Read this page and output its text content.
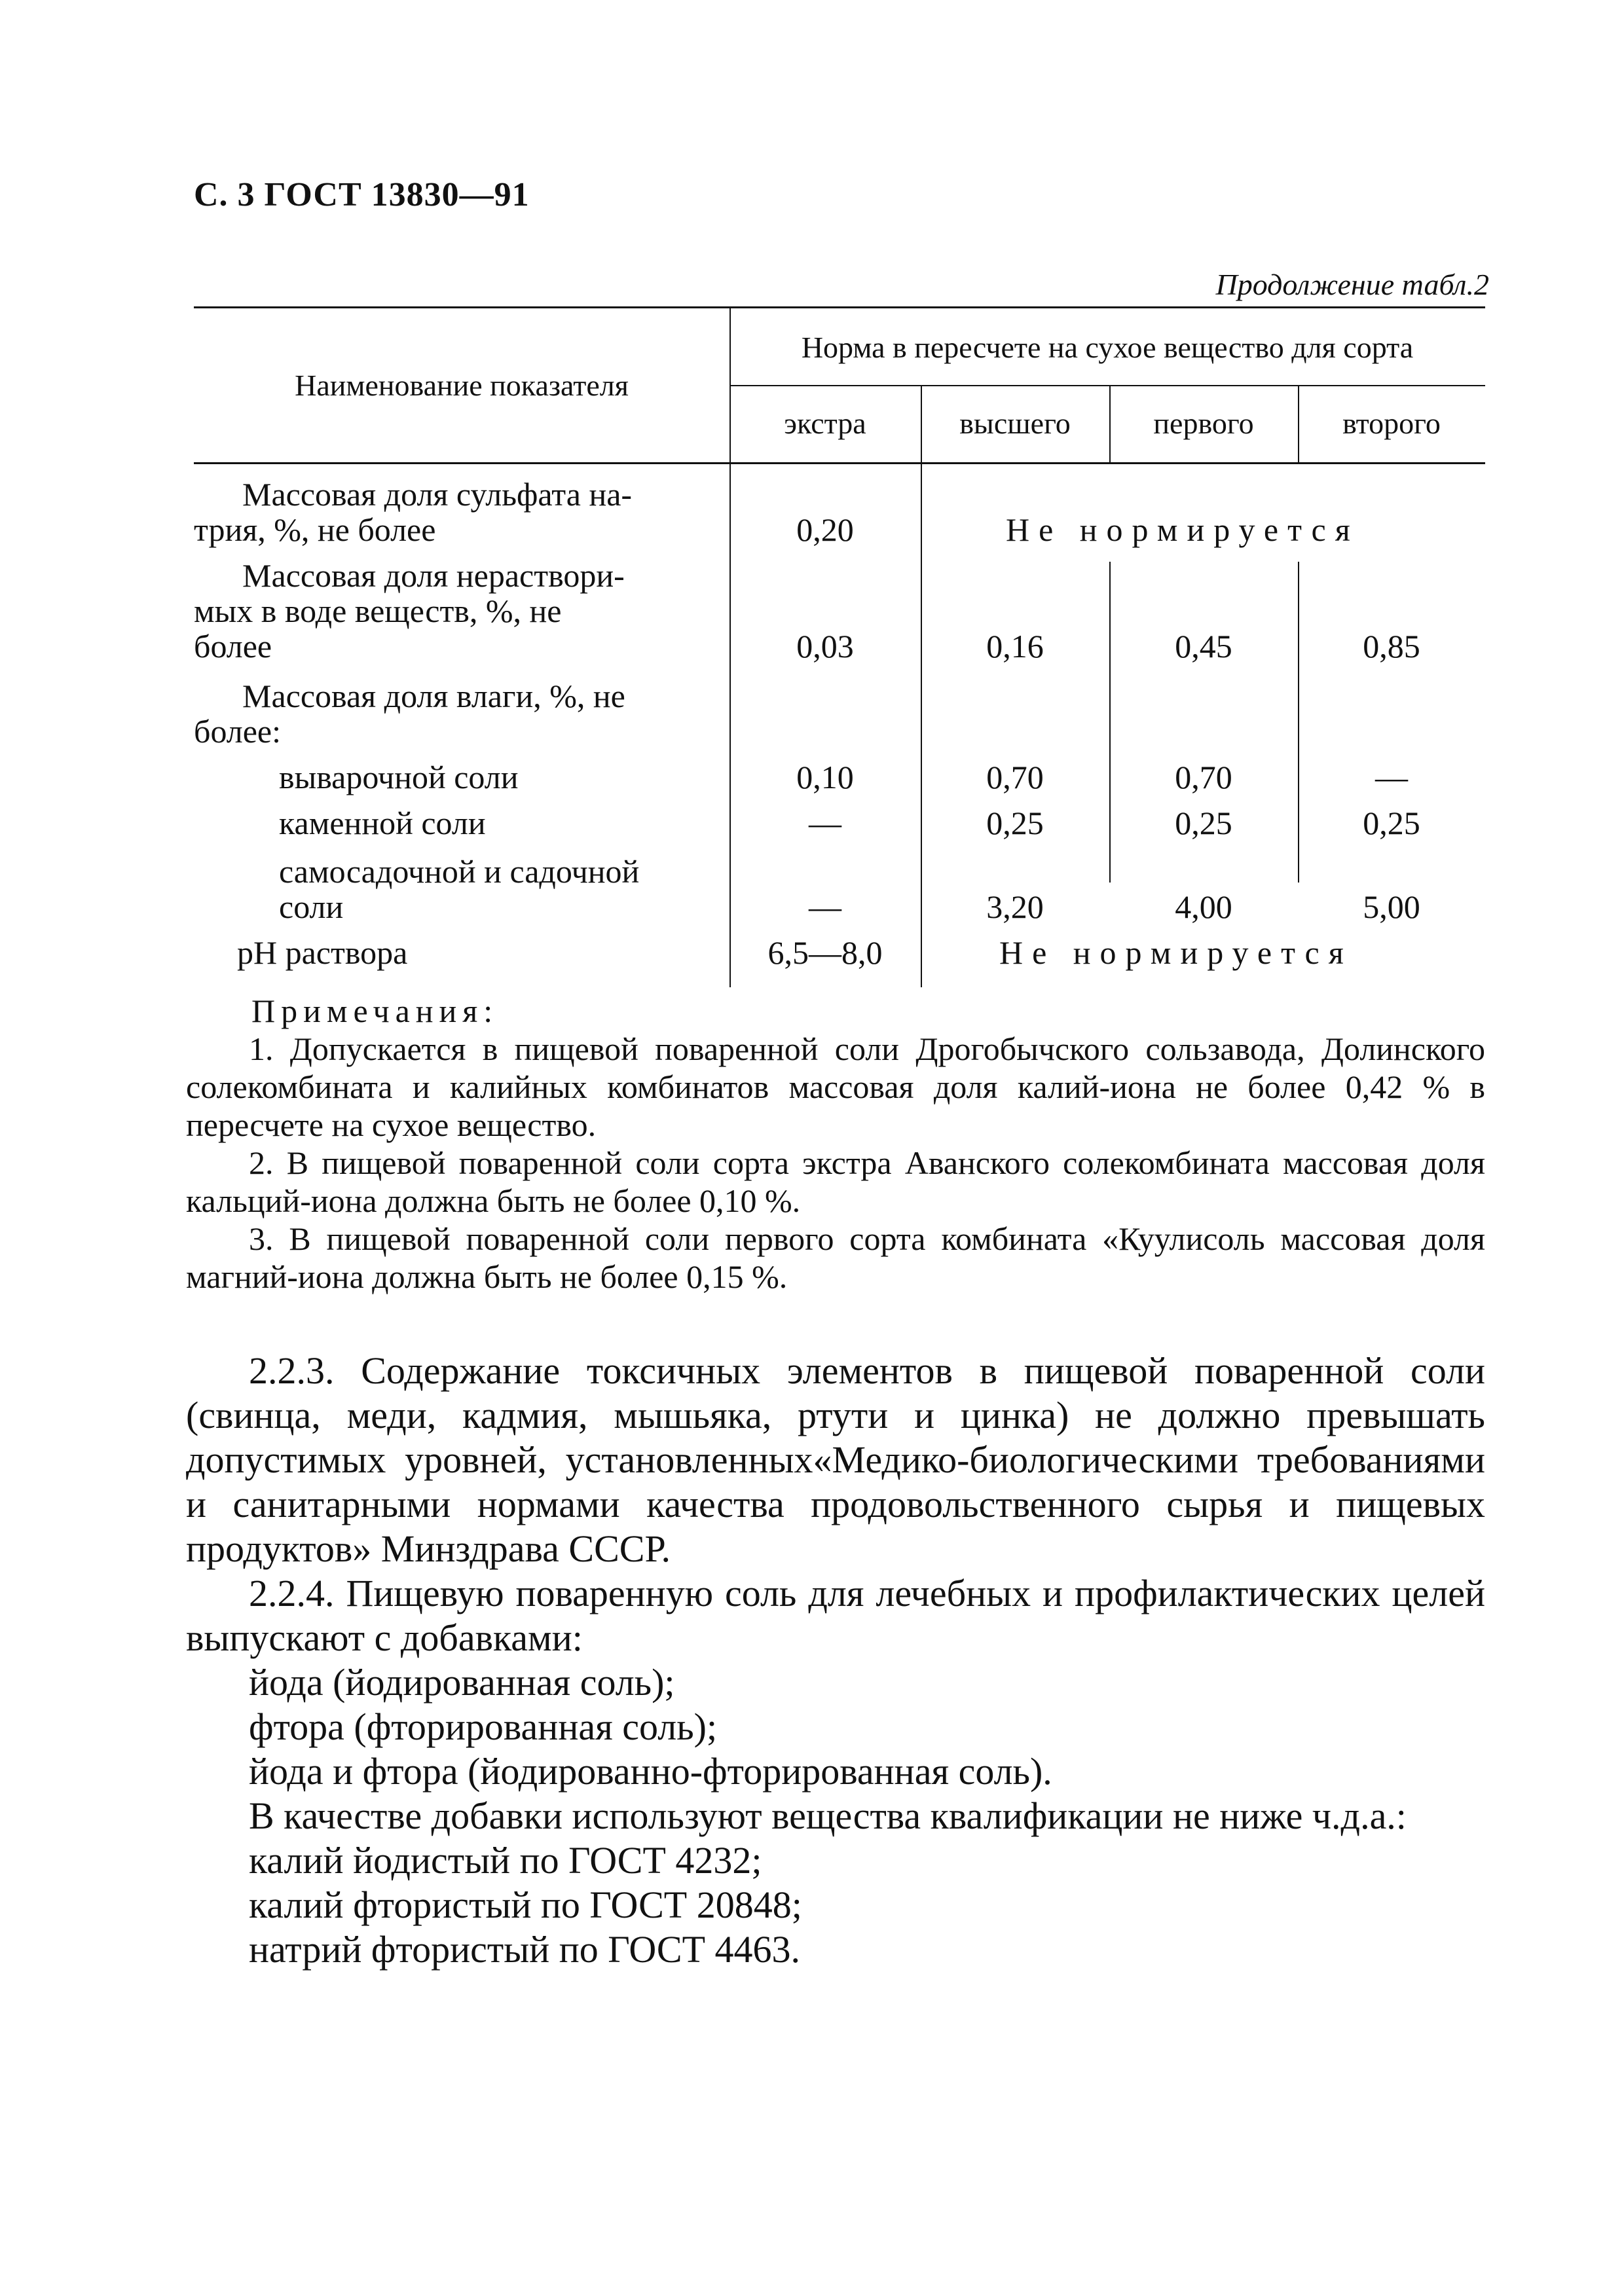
С. 3 ГОСТ 13830—91
Продолжение табл.2
Наименование показателя
Норма в пересчете на сухое вещество для сорта
экстра	высшего	первого	второго
Массовая доля сульфата на-
трия, %, не более	0,20	Не нормируется
Массовая доля нераствори-
мых в воде веществ, %, не
более	0,03	0,16	0,45	0,85
Массовая доля влаги, %, не
более:
выварочной соли	0,10	0,70	0,70	—
каменной соли	—	0,25	0,25	0,25
самосадочной и садочной
соли	—	3,20	4,00	5,00
рН раствора	6,5—8,0	Не нормируется
Примечания:
1. Допускается в пищевой поваренной соли Дрогобычского сользавода, Долинского солекомбината и калийных комбинатов массовая доля калий-иона не более 0,42 % в пересчете на сухое вещество.
2. В пищевой поваренной соли сорта экстра Аванского солекомбината массовая доля кальций-иона должна быть не более 0,10 %.
3. В пищевой поваренной соли первого сорта комбината «Куулисоль массовая доля магний-иона должна быть не более 0,15 %.

2.2.3. Содержание токсичных элементов в пищевой поваренной соли (свинца, меди, кадмия, мышьяка, ртути и цинка) не должно превышать допустимых уровней, установленных«Медико-биологическими требованиями и санитарными нормами качества продовольственного сырья и пищевых продуктов» Минздрава СССР.

2.2.4. Пищевую поваренную соль для лечебных и профилактических целей выпускают с добавками:

йода (йодированная соль);
фтора (фторированная соль);
йода и фтора (йодированно-фторированная соль).

В качестве добавки используют вещества квалификации не ниже ч.д.а.:

калий йодистый по ГОСТ 4232;
калий фтористый по ГОСТ 20848;
натрий фтористый по ГОСТ 4463.
